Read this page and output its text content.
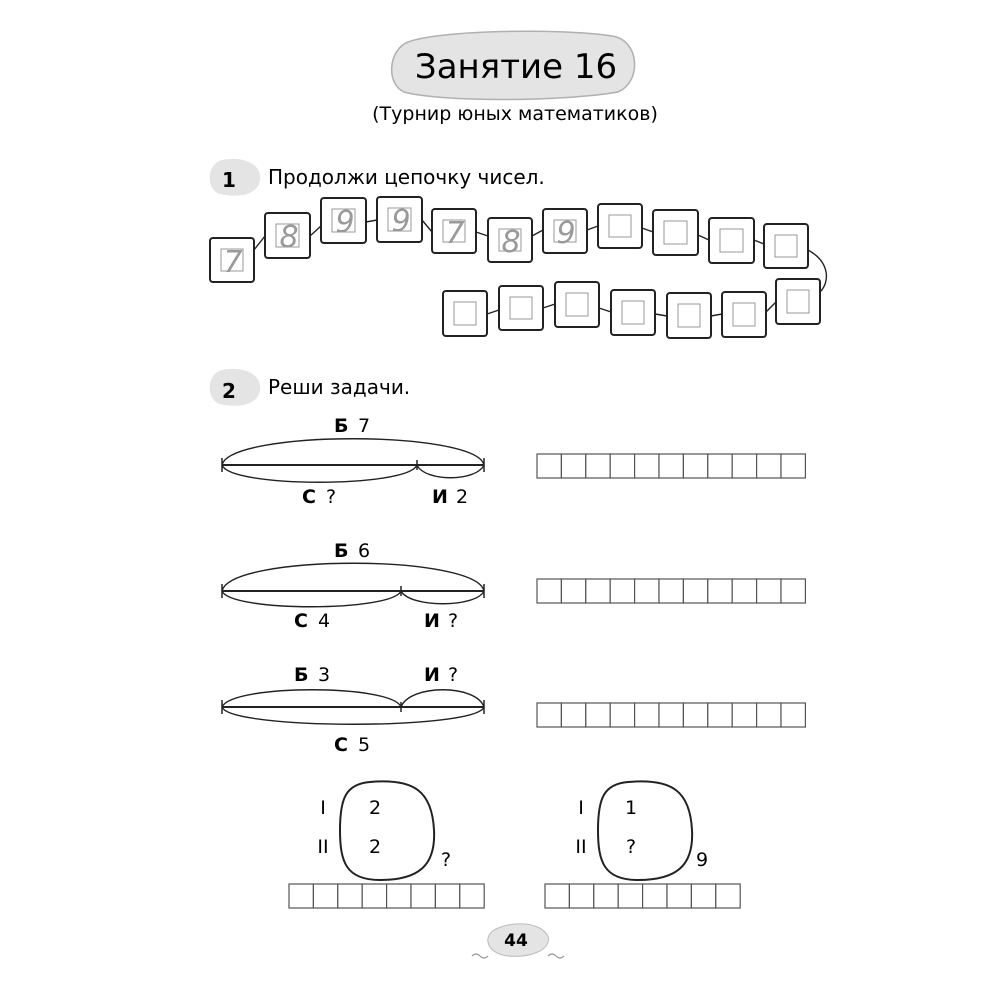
Занятие 16
(Турнир юных математиков)
1 Продолжи цепочку чисел.
7
8 9 9 7 8 9
2 Реши задачи.
Б 7
С ?	И 2
Б 6
С 4	И ?
Б 3	И ?
С 5
I 2
II 2
?
I 1
II ?
9
44
